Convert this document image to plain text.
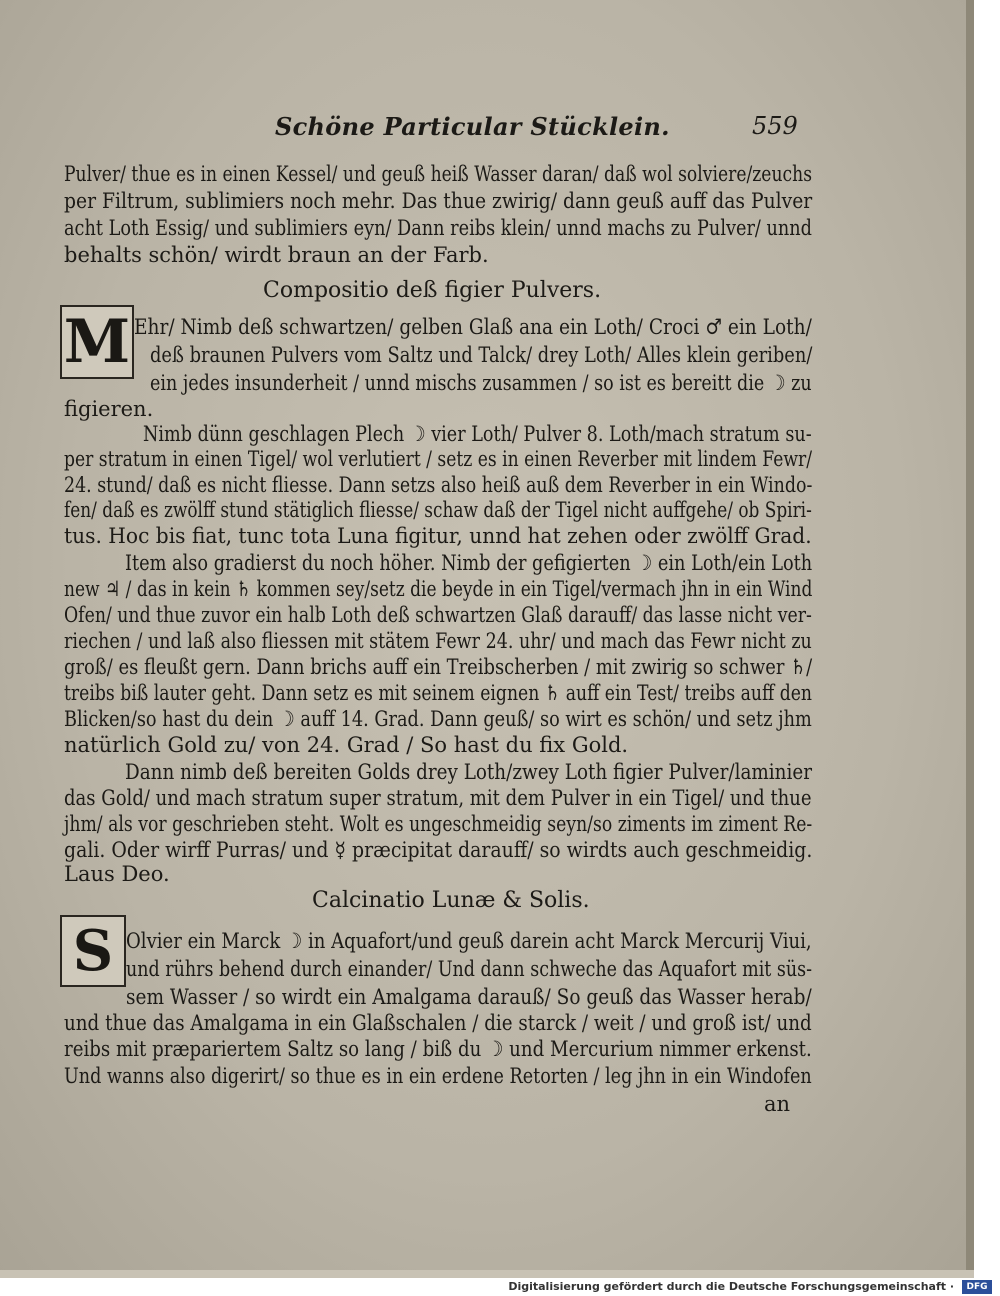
Schöne Particular Stücklein.	559
Pulver/ thue es in einen Kessel/ und geuß heiß Wasser daran/ daß wol solviere/zeuchs
per Filtrum, sublimiers noch mehr. Das thue zwirig/ dann geuß auff das Pulver
acht Loth Essig/ und sublimiers eyn/ Dann reibs klein/ unnd machs zu Pulver/ unnd
behalts schön/ wirdt braun an der Farb.
Compositio deß figier Pulvers.
M Ehr/ Nimb deß schwartzen/ gelben Glaß ana ein Loth/ Croci ♂ ein Loth/
deß braunen Pulvers vom Saltz und Talck/ drey Loth/ Alles klein geriben/
ein jedes insunderheit / unnd mischs zusammen / so ist es bereitt die ☽ zu
figieren.
Nimb dünn geschlagen Plech ☽ vier Loth/ Pulver 8. Loth/mach stratum su-
per stratum in einen Tigel/ wol verlutiert / setz es in einen Reverber mit lindem Fewr/
24. stund/ daß es nicht fliesse. Dann setzs also heiß auß dem Reverber in ein Windo-
fen/ daß es zwölff stund stätiglich fliesse/ schaw daß der Tigel nicht auffgehe/ ob Spiri-
tus. Hoc bis fiat, tunc tota Luna figitur, unnd hat zehen oder zwölff Grad.
Item also gradierst du noch höher. Nimb der gefigierten ☽ ein Loth/ein Loth
new ♃ / das in kein ♄ kommen sey/setz die beyde in ein Tigel/vermach jhn in ein Wind
Ofen/ und thue zuvor ein halb Loth deß schwartzen Glaß darauff/ das lasse nicht ver-
riechen / und laß also fliessen mit stätem Fewr 24. uhr/ und mach das Fewr nicht zu
groß/ es fleußt gern. Dann brichs auff ein Treibscherben / mit zwirig so schwer ♄/
treibs biß lauter geht. Dann setz es mit seinem eignen ♄ auff ein Test/ treibs auff den
Blicken/so hast du dein ☽ auff 14. Grad. Dann geuß/ so wirt es schön/ und setz jhm
natürlich Gold zu/ von 24. Grad / So hast du fix Gold.
Dann nimb deß bereiten Golds drey Loth/zwey Loth figier Pulver/laminier
das Gold/ und mach stratum super stratum, mit dem Pulver in ein Tigel/ und thue
jhm/ als vor geschrieben steht. Wolt es ungeschmeidig seyn/so ziments im ziment Re-
gali. Oder wirff Purras/ und ☿ præcipitat darauff/ so wirdts auch geschmeidig.
Laus Deo.
Calcinatio Lunæ & Solis.
S Olvier ein Marck ☽ in Aquafort/und geuß darein acht Marck Mercurij Viui,
und rührs behend durch einander/ Und dann schweche das Aquafort mit süs-
sem Wasser / so wirdt ein Amalgama darauß/ So geuß das Wasser herab/
und thue das Amalgama in ein Glaßschalen / die starck / weit / und groß ist/ und
reibs mit præpariertem Saltz so lang / biß du ☽ und Mercurium nimmer erkenst.
Und wanns also digerirt/ so thue es in ein erdene Retorten / leg jhn in ein Windofen
an
Digitalisierung gefördert durch die Deutsche Forschungsgemeinschaft ·	DFG
